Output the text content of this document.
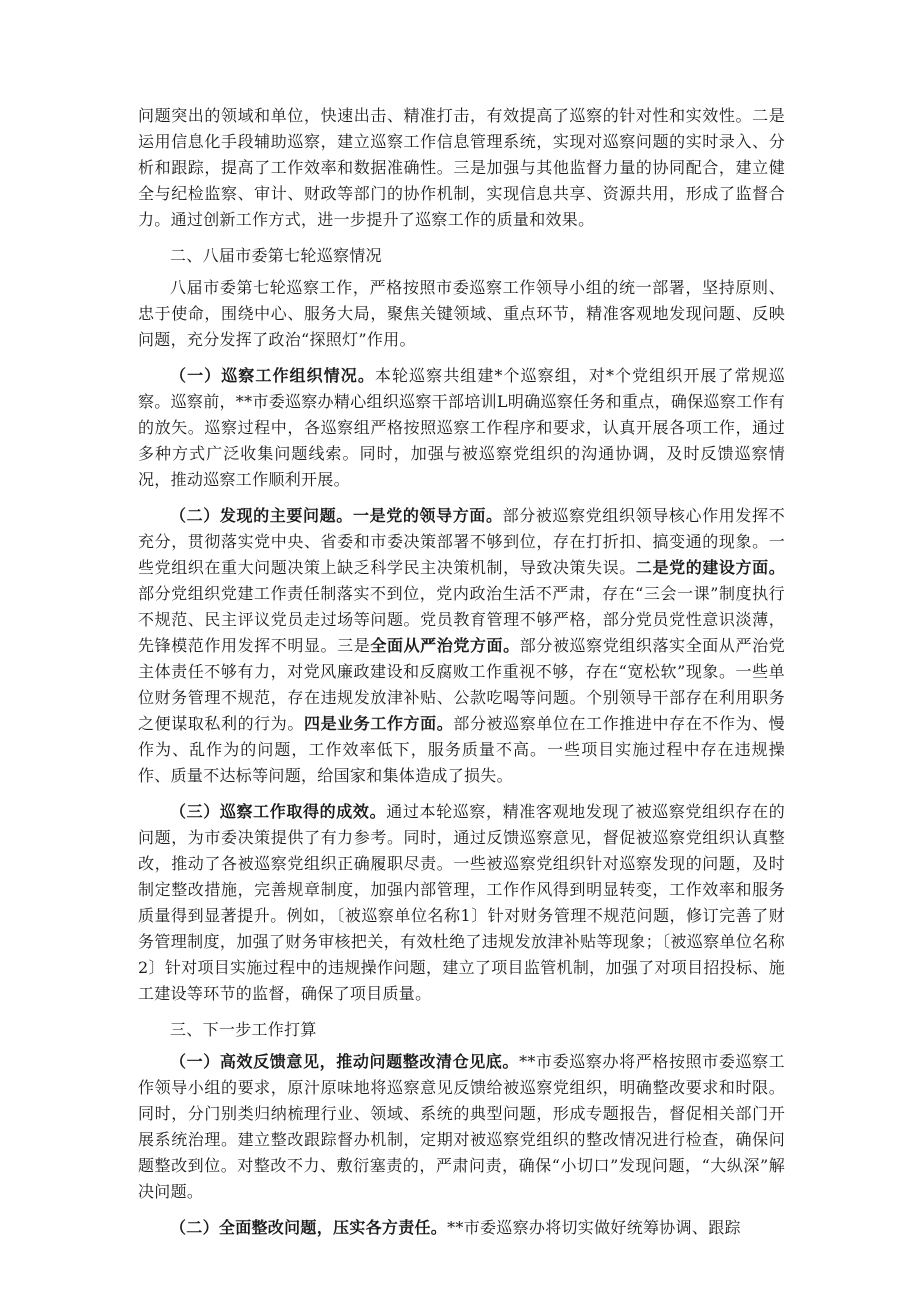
问题突出的领域和单位，快速出击、精准打击，有效提高了巡察的针对性和实效性。二是运用信息化手段辅助巡察，建立巡察工作信息管理系统，实现对巡察问题的实时录入、分析和跟踪，提高了工作效率和数据准确性。三是加强与其他监督力量的协同配合，建立健全与纪检监察、审计、财政等部门的协作机制，实现信息共享、资源共用，形成了监督合力。通过创新工作方式，进一步提升了巡察工作的质量和效果。

二、八届市委第七轮巡察情况

八届市委第七轮巡察工作，严格按照市委巡察工作领导小组的统一部署，坚持原则、忠于使命，围绕中心、服务大局，聚焦关键领域、重点环节，精准客观地发现问题、反映问题，充分发挥了政治“探照灯”作用。

（一）巡察工作组织情况。本轮巡察共组建*个巡察组，对*个党组织开展了常规巡察。巡察前，**市委巡察办精心组织巡察干部培训L明确巡察任务和重点，确保巡察工作有的放矢。巡察过程中，各巡察组严格按照巡察工作程序和要求，认真开展各项工作，通过多种方式广泛收集问题线索。同时，加强与被巡察党组织的沟通协调，及时反馈巡察情况，推动巡察工作顺利开展。

（二）发现的主要问题。一是党的领导方面。部分被巡察党组织领导核心作用发挥不充分，贯彻落实党中央、省委和市委决策部署不够到位，存在打折扣、搞变通的现象。一些党组织在重大问题决策上缺乏科学民主决策机制，导致决策失误。二是党的建设方面。部分党组织党建工作责任制落实不到位，党内政治生活不严肃，存在“三会一课”制度执行不规范、民主评议党员走过场等问题。党员教育管理不够严格，部分党员党性意识淡薄，先锋模范作用发挥不明显。三是全面从严治党方面。部分被巡察党组织落实全面从严治党主体责任不够有力，对党风廉政建设和反腐败工作重视不够，存在“宽松软”现象。一些单位财务管理不规范，存在违规发放津补贴、公款吃喝等问题。个别领导干部存在利用职务之便谋取私利的行为。四是业务工作方面。部分被巡察单位在工作推进中存在不作为、慢作为、乱作为的问题，工作效率低下，服务质量不高。一些项目实施过程中存在违规操作、质量不达标等问题，给国家和集体造成了损失。

（三）巡察工作取得的成效。通过本轮巡察，精准客观地发现了被巡察党组织存在的问题，为市委决策提供了有力参考。同时，通过反馈巡察意见，督促被巡察党组织认真整改，推动了各被巡察党组织正确履职尽责。一些被巡察党组织针对巡察发现的问题，及时制定整改措施，完善规章制度，加强内部管理，工作作风得到明显转变，工作效率和服务质量得到显著提升。例如，〔被巡察单位名称1〕针对财务管理不规范问题，修订完善了财务管理制度，加强了财务审核把关，有效杜绝了违规发放津补贴等现象；〔被巡察单位名称2〕针对项目实施过程中的违规操作问题，建立了项目监管机制，加强了对项目招投标、施工建设等环节的监督，确保了项目质量。

三、下一步工作打算

（一）高效反馈意见，推动问题整改清仓见底。**市委巡察办将严格按照市委巡察工作领导小组的要求，原汁原味地将巡察意见反馈给被巡察党组织，明确整改要求和时限。同时，分门别类归纳梳理行业、领域、系统的典型问题，形成专题报告，督促相关部门开展系统治理。建立整改跟踪督办机制，定期对被巡察党组织的整改情况进行检查，确保问题整改到位。对整改不力、敷衍塞责的，严肃问责，确保“小切口”发现问题，“大纵深”解决问题。

（二）全面整改问题，压实各方责任。**市委巡察办将切实做好统筹协调、跟踪
